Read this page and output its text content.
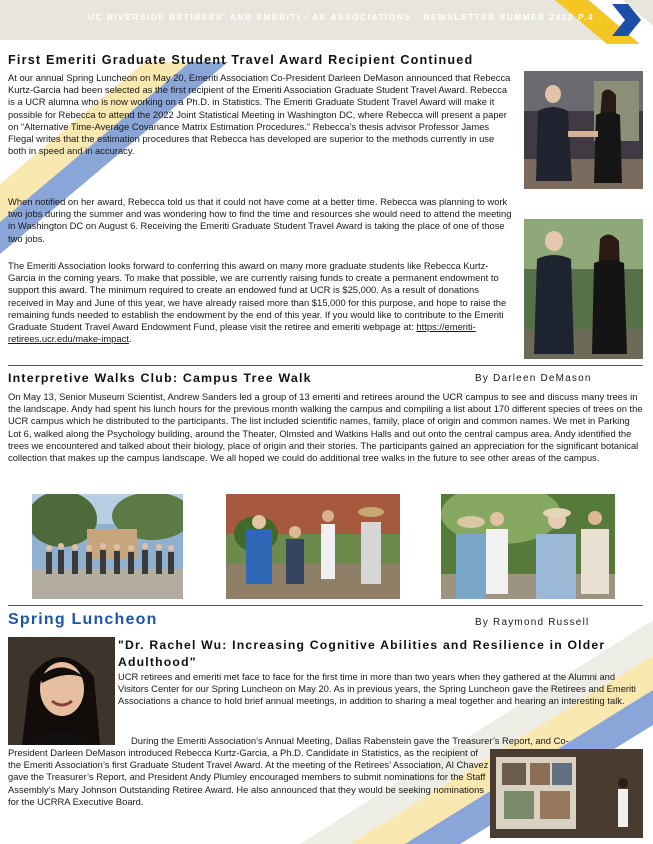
UC RIVERSIDE RETIREES' AND EMERITI / AE ASSOCIATIONS - NEWSLETTER SUMMER 2022 P.4
First Emeriti Graduate Student Travel Award Recipient Continued

At our annual Spring Luncheon on May 20, Emeriti Association Co-President Darleen DeMason announced that Rebecca Kurtz-Garcia had been selected as the first recipient of the Emeriti Association Graduate Student Travel Award. Rebecca is a UCR alumna who is now working on a Ph.D. in Statistics. The Emeriti Graduate Student Travel Award will make it possible for Rebecca to attend the 2022 Joint Statistical Meeting in Washington DC, where Rebecca will present a paper on “Alternative Time-Average Covariance Matrix Estimation Procedures.” Rebecca’s thesis advisor Professor James Flegal writes that the estimation procedures that Rebecca has developed are superior to the methods currently in use both in speed and in accuracy.

When notified on her award, Rebecca told us that it could not have come at a better time. Rebecca was planning to work two jobs during the summer and was wondering how to find the time and resources she would need to attend the meeting in Washington DC on August 6. Receiving the Emeriti Graduate Student Travel Award is taking the place of one of those two jobs.

The Emeriti Association looks forward to conferring this award on many more graduate students like Rebecca Kurtz-Garcia in the coming years. To make that possible, we are currently raising funds to create a permanent endowment to support this award. The minimum required to create an endowed fund at UCR is $25,000. As a result of donations received in May and June of this year, we have already raised more than $15,000 for this purpose, and hope to raise the remaining funds needed to establish the endowment by the end of this year. If you would like to contribute to the Emeriti Graduate Student Travel Award Endowment Fund, please visit the retiree and emeriti webpage at: https://emeriti-retirees.ucr.edu/make-impact.

Interpretive Walks Club: Campus Tree Walk	By Darleen DeMason

On May 13, Senior Museum Scientist, Andrew Sanders led a group of 13 emeriti and retirees around the UCR campus to see and discuss many trees in the landscape. Andy had spent his lunch hours for the previous month walking the campus and compiling a list about 170 different species of trees on the UCR campus which he distributed to the participants. The list included scientific names, family, place of origin and common names. We met in Parking Lot 6, walked along the Psychology building, around the Theater, Olmsted and Watkins Halls and out onto the central campus area. Andy identified the trees we encountered and talked about their biology, place of origin and their stories. The participants gained an appreciation for the significant botanical collection that makes up the campus landscape. We all hoped we could do additional tree walks in the future to see other areas of the campus.

Spring Luncheon	By Raymond Russell
"Dr. Rachel Wu: Increasing Cognitive Abilities and Resilience in Older Adulthood"

UCR retirees and emeriti met face to face for the first time in more than two years when they gathered at the Alumni and Visitors Center for our Spring Luncheon on May 20. As in previous years, the Spring Luncheon gave the Retirees and Emeriti Associations a chance to hold brief annual meetings, in addition to sharing a meal together and hearing an interesting talk.

During the Emeriti Association’s Annual Meeting, Dallas Rabenstein gave the Treasurer’s Report, and Co-

President Darleen DeMason introduced Rebecca Kurtz-Garcia, a Ph.D. Candidate in Statistics, as the recipient of the Emeriti Association’s first Graduate Student Travel Award. At the meeting of the Retirees’ Association, Al Chavez gave the Treasurer’s Report, and President Andy Plumley encouraged members to submit nominations for the Staff Assembly’s Mary Johnson Outstanding Retiree Award. He also announced that they would be seeking nominations for the UCRRA Executive Board.
